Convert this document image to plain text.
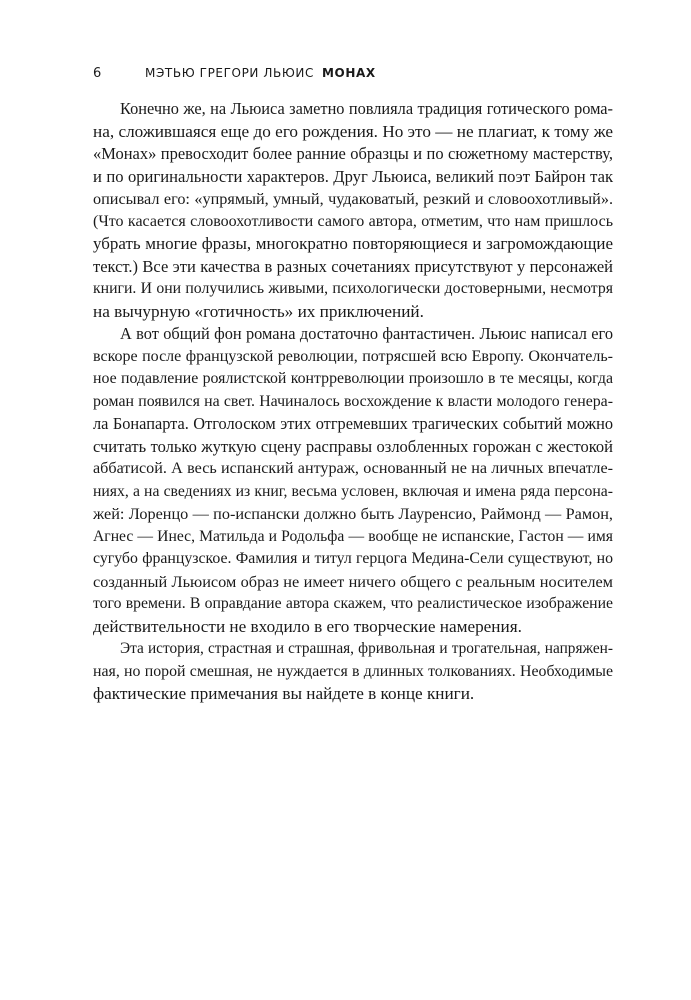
6	МЭТЬЮ ГРЕГОРИ ЛЬЮИС МОНАХ
Конечно же, на Льюиса заметно повлияла традиция готического рома-
на, сложившаяся еще до его рождения. Но это — не плагиат, к тому же
«Монах» превосходит более ранние образцы и по сюжетному мастерству,
и по оригинальности характеров. Друг Льюиса, великий поэт Байрон так
описывал его: «упрямый, умный, чудаковатый, резкий и словоохотливый».
(Что касается словоохотливости самого автора, отметим, что нам пришлось
убрать многие фразы, многократно повторяющиеся и загромождающие
текст.) Все эти качества в разных сочетаниях присутствуют у персонажей
книги. И они получились живыми, психологически достоверными, несмотря
на вычурную «готичность» их приключений.
А вот общий фон романа достаточно фантастичен. Льюис написал его
вскоре после французской революции, потрясшей всю Европу. Окончатель-
ное подавление роялистской контрреволюции произошло в те месяцы, когда
роман появился на свет. Начиналось восхождение к власти молодого генера-
ла Бонапарта. Отголоском этих отгремевших трагических событий можно
считать только жуткую сцену расправы озлобленных горожан с жестокой
аббатисой. А весь испанский антураж, основанный не на личных впечатле-
ниях, а на сведениях из книг, весьма условен, включая и имена ряда персона-
жей: Лоренцо — по-испански должно быть Лауренсио, Раймонд — Рамон,
Агнес — Инес, Матильда и Родольфа — вообще не испанские, Гастон — имя
сугубо французское. Фамилия и титул герцога Медина-Сели существуют, но
созданный Льюисом образ не имеет ничего общего с реальным носителем
того времени. В оправдание автора скажем, что реалистическое изображение
действительности не входило в его творческие намерения.
Эта история, страстная и страшная, фривольная и трогательная, напряжен-
ная, но порой смешная, не нуждается в длинных толкованиях. Необходимые
фактические примечания вы найдете в конце книги.
